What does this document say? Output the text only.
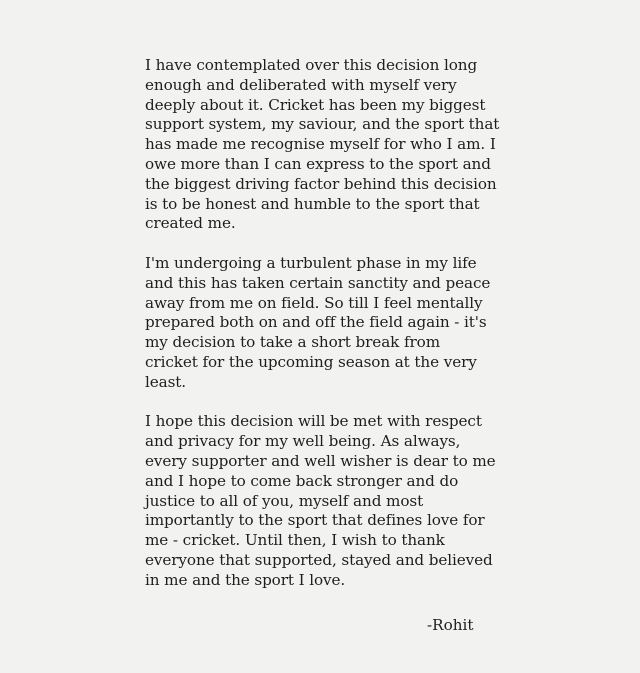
I have contemplated over this decision long
enough and deliberated with myself very
deeply about it. Cricket has been my biggest
support system, my saviour, and the sport that
has made me recognise myself for who I am. I
owe more than I can express to the sport and
the biggest driving factor behind this decision
is to be honest and humble to the sport that
created me.

I'm undergoing a turbulent phase in my life
and this has taken certain sanctity and peace
away from me on field. So till I feel mentally
prepared both on and off the field again - it's
my decision to take a short break from
cricket for the upcoming season at the very
least.

I hope this decision will be met with respect
and privacy for my well being. As always,
every supporter and well wisher is dear to me
and I hope to come back stronger and do
justice to all of you, myself and most
importantly to the sport that defines love for
me - cricket. Until then, I wish to thank
everyone that supported, stayed and believed
in me and the sport I love.

-Rohit
